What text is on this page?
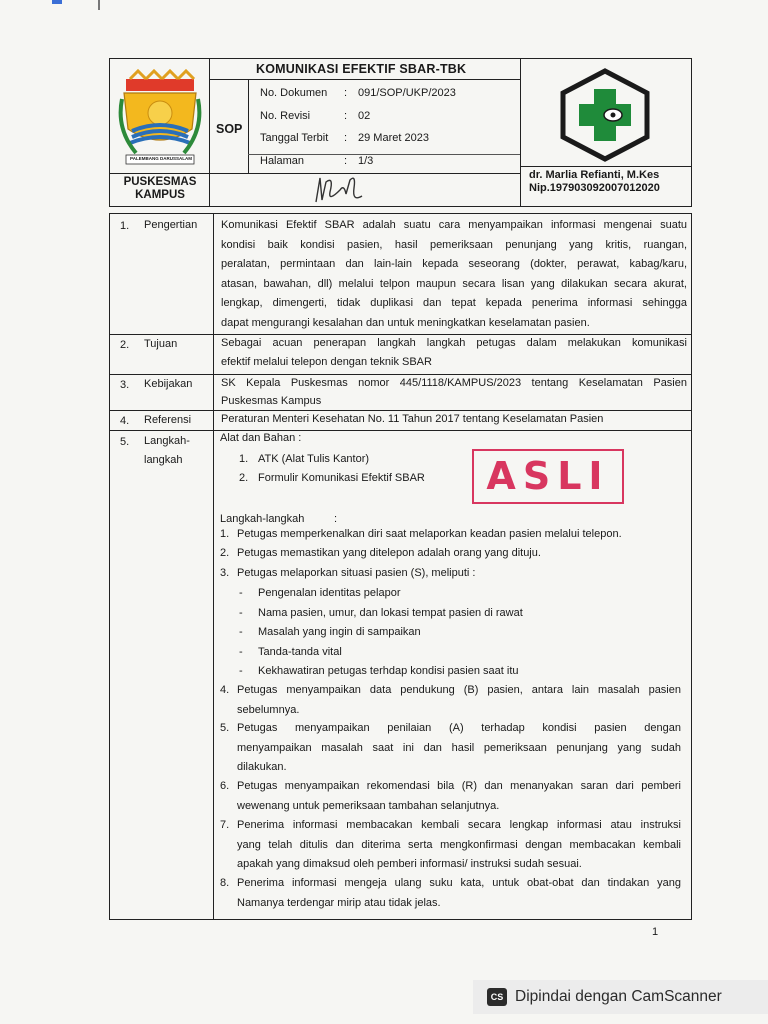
PALEMBANG DARUSSALAM
PUSKESMAS
KAMPUS
KOMUNIKASI EFEKTIF SBAR-TBK
SOP
No. Dokumen : 091/SOP/UKP/2023
No. Revisi	: 02
Tanggal Terbit : 29 Maret 2023
Halaman	: 1/3
dr. Marlia Refianti, M.Kes
Nip.197903092007012020
1. Pengertian Komunikasi Efektif SBAR adalah suatu cara menyampaikan informasi mengenai suatu
kondisi baik kondisi pasien, hasil pemeriksaan penunjang yang kritis, ruangan,
peralatan, permintaan dan lain-lain kepada seseorang (dokter, perawat, kabag/karu,
atasan, bawahan, dll) melalui telpon maupun secara lisan yang dilakukan secara akurat,
lengkap, dimengerti, tidak duplikasi dan tepat kepada penerima informasi sehingga
dapat mengurangi kesalahan dan untuk meningkatkan keselamatan pasien.
2. Tujuan	Sebagai acuan penerapan langkah langkah petugas dalam melakukan komunikasi
efektif melalui telepon dengan teknik SBAR
3. Kebijakan	SK Kepala Puskesmas nomor 445/1118/KAMPUS/2023 tentang Keselamatan Pasien
Puskesmas Kampus
4. Referensi	Peraturan Menteri Kesehatan No. 11 Tahun 2017 tentang Keselamatan Pasien
5. Langkah-
langkah
Alat dan Bahan :
1. ATK (Alat Tulis Kantor)
2. Formulir Komunikasi Efektif SBAR	ASLI
Langkah-langkah	:
1. Petugas memperkenalkan diri saat melaporkan keadan pasien melalui telepon.
2. Petugas memastikan yang ditelepon adalah orang yang dituju.
3. Petugas melaporkan situasi pasien (S), meliputi :
4. Petugas menyampaikan data pendukung (B) pasien, antara lain masalah pasien
sebelumnya.
5. Petugas menyampaikan penilaian (A) terhadap kondisi pasien dengan
menyampaikan masalah saat ini dan hasil pemeriksaan penunjang yang sudah
dilakukan.
6. Petugas menyampaikan rekomendasi bila (R) dan menanyakan saran dari pemberi
wewenang untuk pemeriksaan tambahan selanjutnya.
7. Penerima informasi membacakan kembali secara lengkap informasi atau instruksi
yang telah ditulis dan diterima serta mengkonfirmasi dengan membacakan kembali
apakah yang dimaksud oleh pemberi informasi/ instruksi sudah sesuai.
8. Penerima informasi mengeja ulang suku kata, untuk obat-obat dan tindakan yang
Namanya terdengar mirip atau tidak jelas.
- Pengenalan identitas pelapor
- Nama pasien, umur, dan lokasi tempat pasien di rawat
- Masalah yang ingin di sampaikan
- Tanda-tanda vital
- Kekhawatiran petugas terhdap kondisi pasien saat itu
1
CS Dipindai dengan CamScanner
